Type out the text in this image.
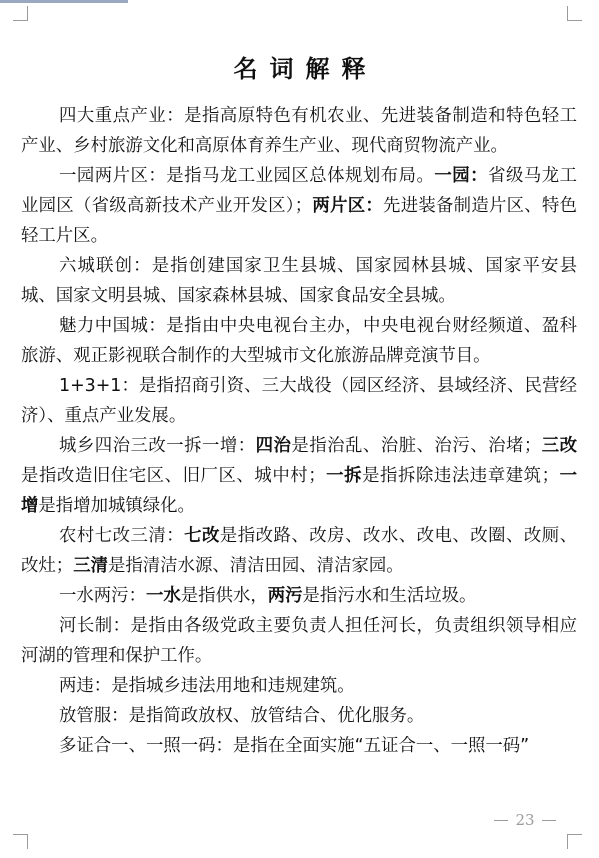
名词解释

四大重点产业：是指高原特色有机农业、先进装备制造和特色轻工产业、乡村旅游文化和高原体育养生产业、现代商贸物流产业。

一园两片区：是指马龙工业园区总体规划布局。一园：省级马龙工业园区（省级高新技术产业开发区）；两片区：先进装备制造片区、特色轻工片区。

六城联创：是指创建国家卫生县城、国家园林县城、国家平安县城、国家文明县城、国家森林县城、国家食品安全县城。

魅力中国城：是指由中央电视台主办，中央电视台财经频道、盈科旅游、观正影视联合制作的大型城市文化旅游品牌竞演节目。

1+3+1：是指招商引资、三大战役（园区经济、县域经济、民营经济）、重点产业发展。

城乡四治三改一拆一增：四治是指治乱、治脏、治污、治堵；三改是指改造旧住宅区、旧厂区、城中村；一拆是指拆除违法违章建筑；一增是指增加城镇绿化。

农村七改三清：七改是指改路、改房、改水、改电、改圈、改厕、改灶；三清是指清洁水源、清洁田园、清洁家园。

一水两污：一水是指供水，两污是指污水和生活垃圾。

河长制：是指由各级党政主要负责人担任河长，负责组织领导相应河湖的管理和保护工作。

两违：是指城乡违法用地和违规建筑。

放管服：是指简政放权、放管结合、优化服务。

多证合一、一照一码：是指在全面实施“五证合一、一照一码”

23
